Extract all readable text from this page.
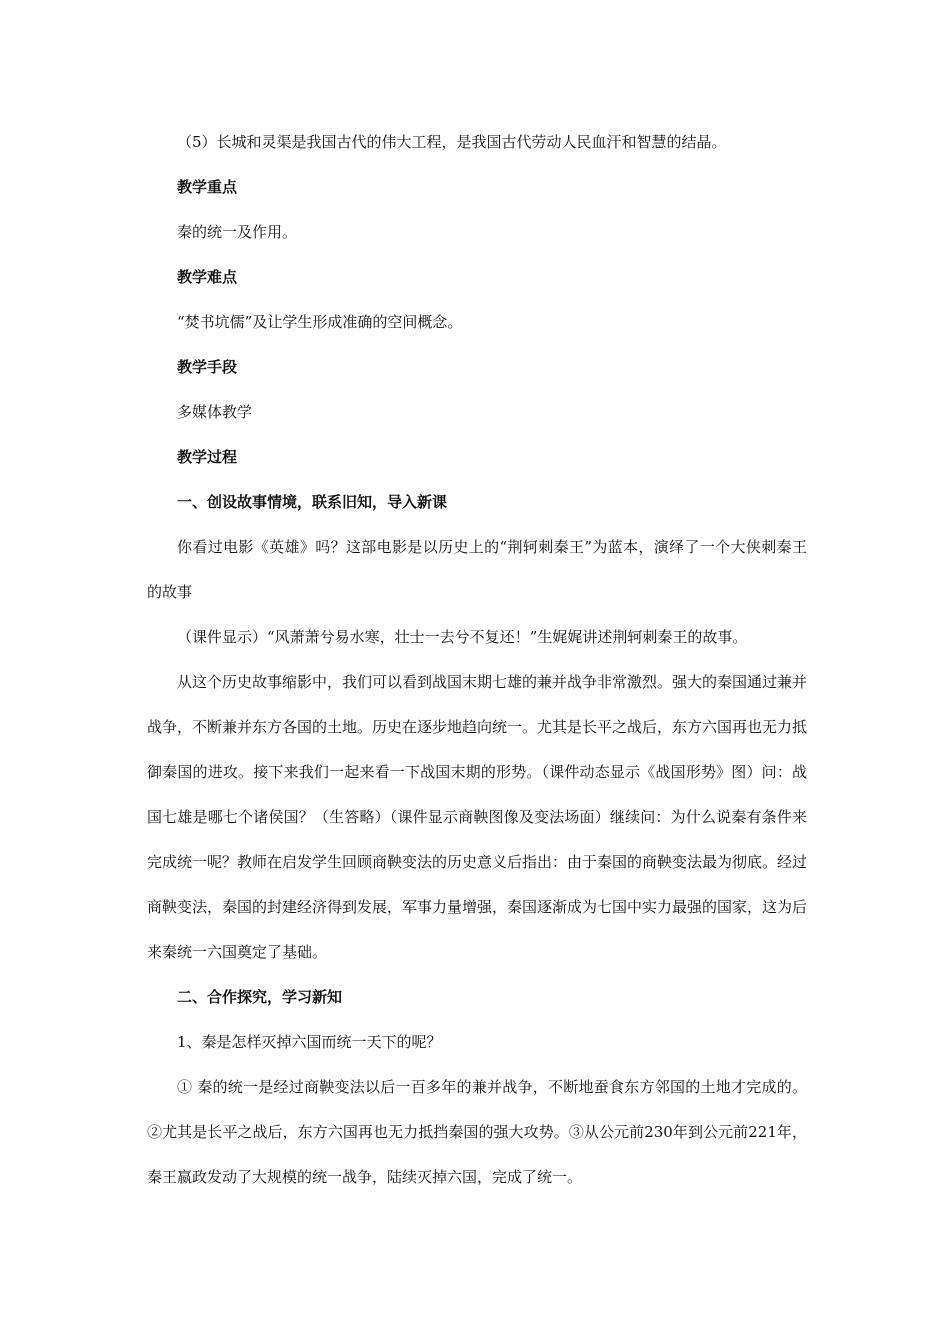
（5）长城和灵渠是我国古代的伟大工程，是我国古代劳动人民血汗和智慧的结晶。

教学重点

秦的统一及作用。

教学难点

“焚书坑儒”及让学生形成准确的空间概念。

教学手段

多媒体教学

教学过程

一、创设故事情境，联系旧知，导入新课

你看过电影《英雄》吗？这部电影是以历史上的“荆轲刺秦王”为蓝本，演绎了一个大侠刺秦王的故事

（课件显示）“风萧萧兮易水寒，壮士一去兮不复还！”生娓娓讲述荆轲刺秦王的故事。

从这个历史故事缩影中，我们可以看到战国末期七雄的兼并战争非常激烈。强大的秦国通过兼并战争，不断兼并东方各国的土地。历史在逐步地趋向统一。尤其是长平之战后，东方六国再也无力抵御秦国的进攻。接下来我们一起来看一下战国末期的形势。（课件动态显示《战国形势》图）问：战国七雄是哪七个诸侯国？（生答略）（课件显示商鞅图像及变法场面）继续问：为什么说秦有条件来完成统一呢？教师在启发学生回顾商鞅变法的历史意义后指出：由于秦国的商鞅变法最为彻底。经过商鞅变法，秦国的封建经济得到发展，军事力量增强，秦国逐渐成为七国中实力最强的国家，这为后来秦统一六国奠定了基础。

二、合作探究，学习新知

1、秦是怎样灭掉六国而统一天下的呢？

① 秦的统一是经过商鞅变法以后一百多年的兼并战争，不断地蚕食东方邻国的土地才完成的。②尤其是长平之战后，东方六国再也无力抵挡秦国的强大攻势。③从公元前230年到公元前221年，秦王嬴政发动了大规模的统一战争，陆续灭掉六国，完成了统一。
